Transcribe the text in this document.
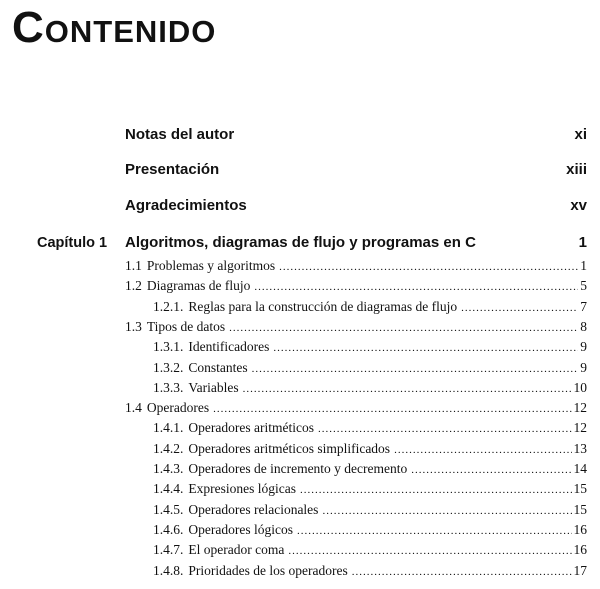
Contenido
Notas del autor	xi
Presentación	xiii
Agradecimientos	xv
Capítulo 1 Algoritmos, diagramas de flujo y programas en C	1
1.1 Problemas y algoritmos .....	1
1.2 Diagramas de flujo .....	5
1.2.1. Reglas para la construcción de diagramas de flujo .....	7
1.3 Tipos de datos .....	8
1.3.1. Identificadores .....	9
1.3.2. Constantes .....	9
1.3.3. Variables .....	10
1.4 Operadores .....	12
1.4.1. Operadores aritméticos .....	12
1.4.2. Operadores aritméticos simplificados .....	13
1.4.3. Operadores de incremento y decremento .....	14
1.4.4. Expresiones lógicas .....	15
1.4.5. Operadores relacionales .....	15
1.4.6. Operadores lógicos .....	16
1.4.7. El operador coma .....	16
1.4.8. Prioridades de los operadores .....	17
